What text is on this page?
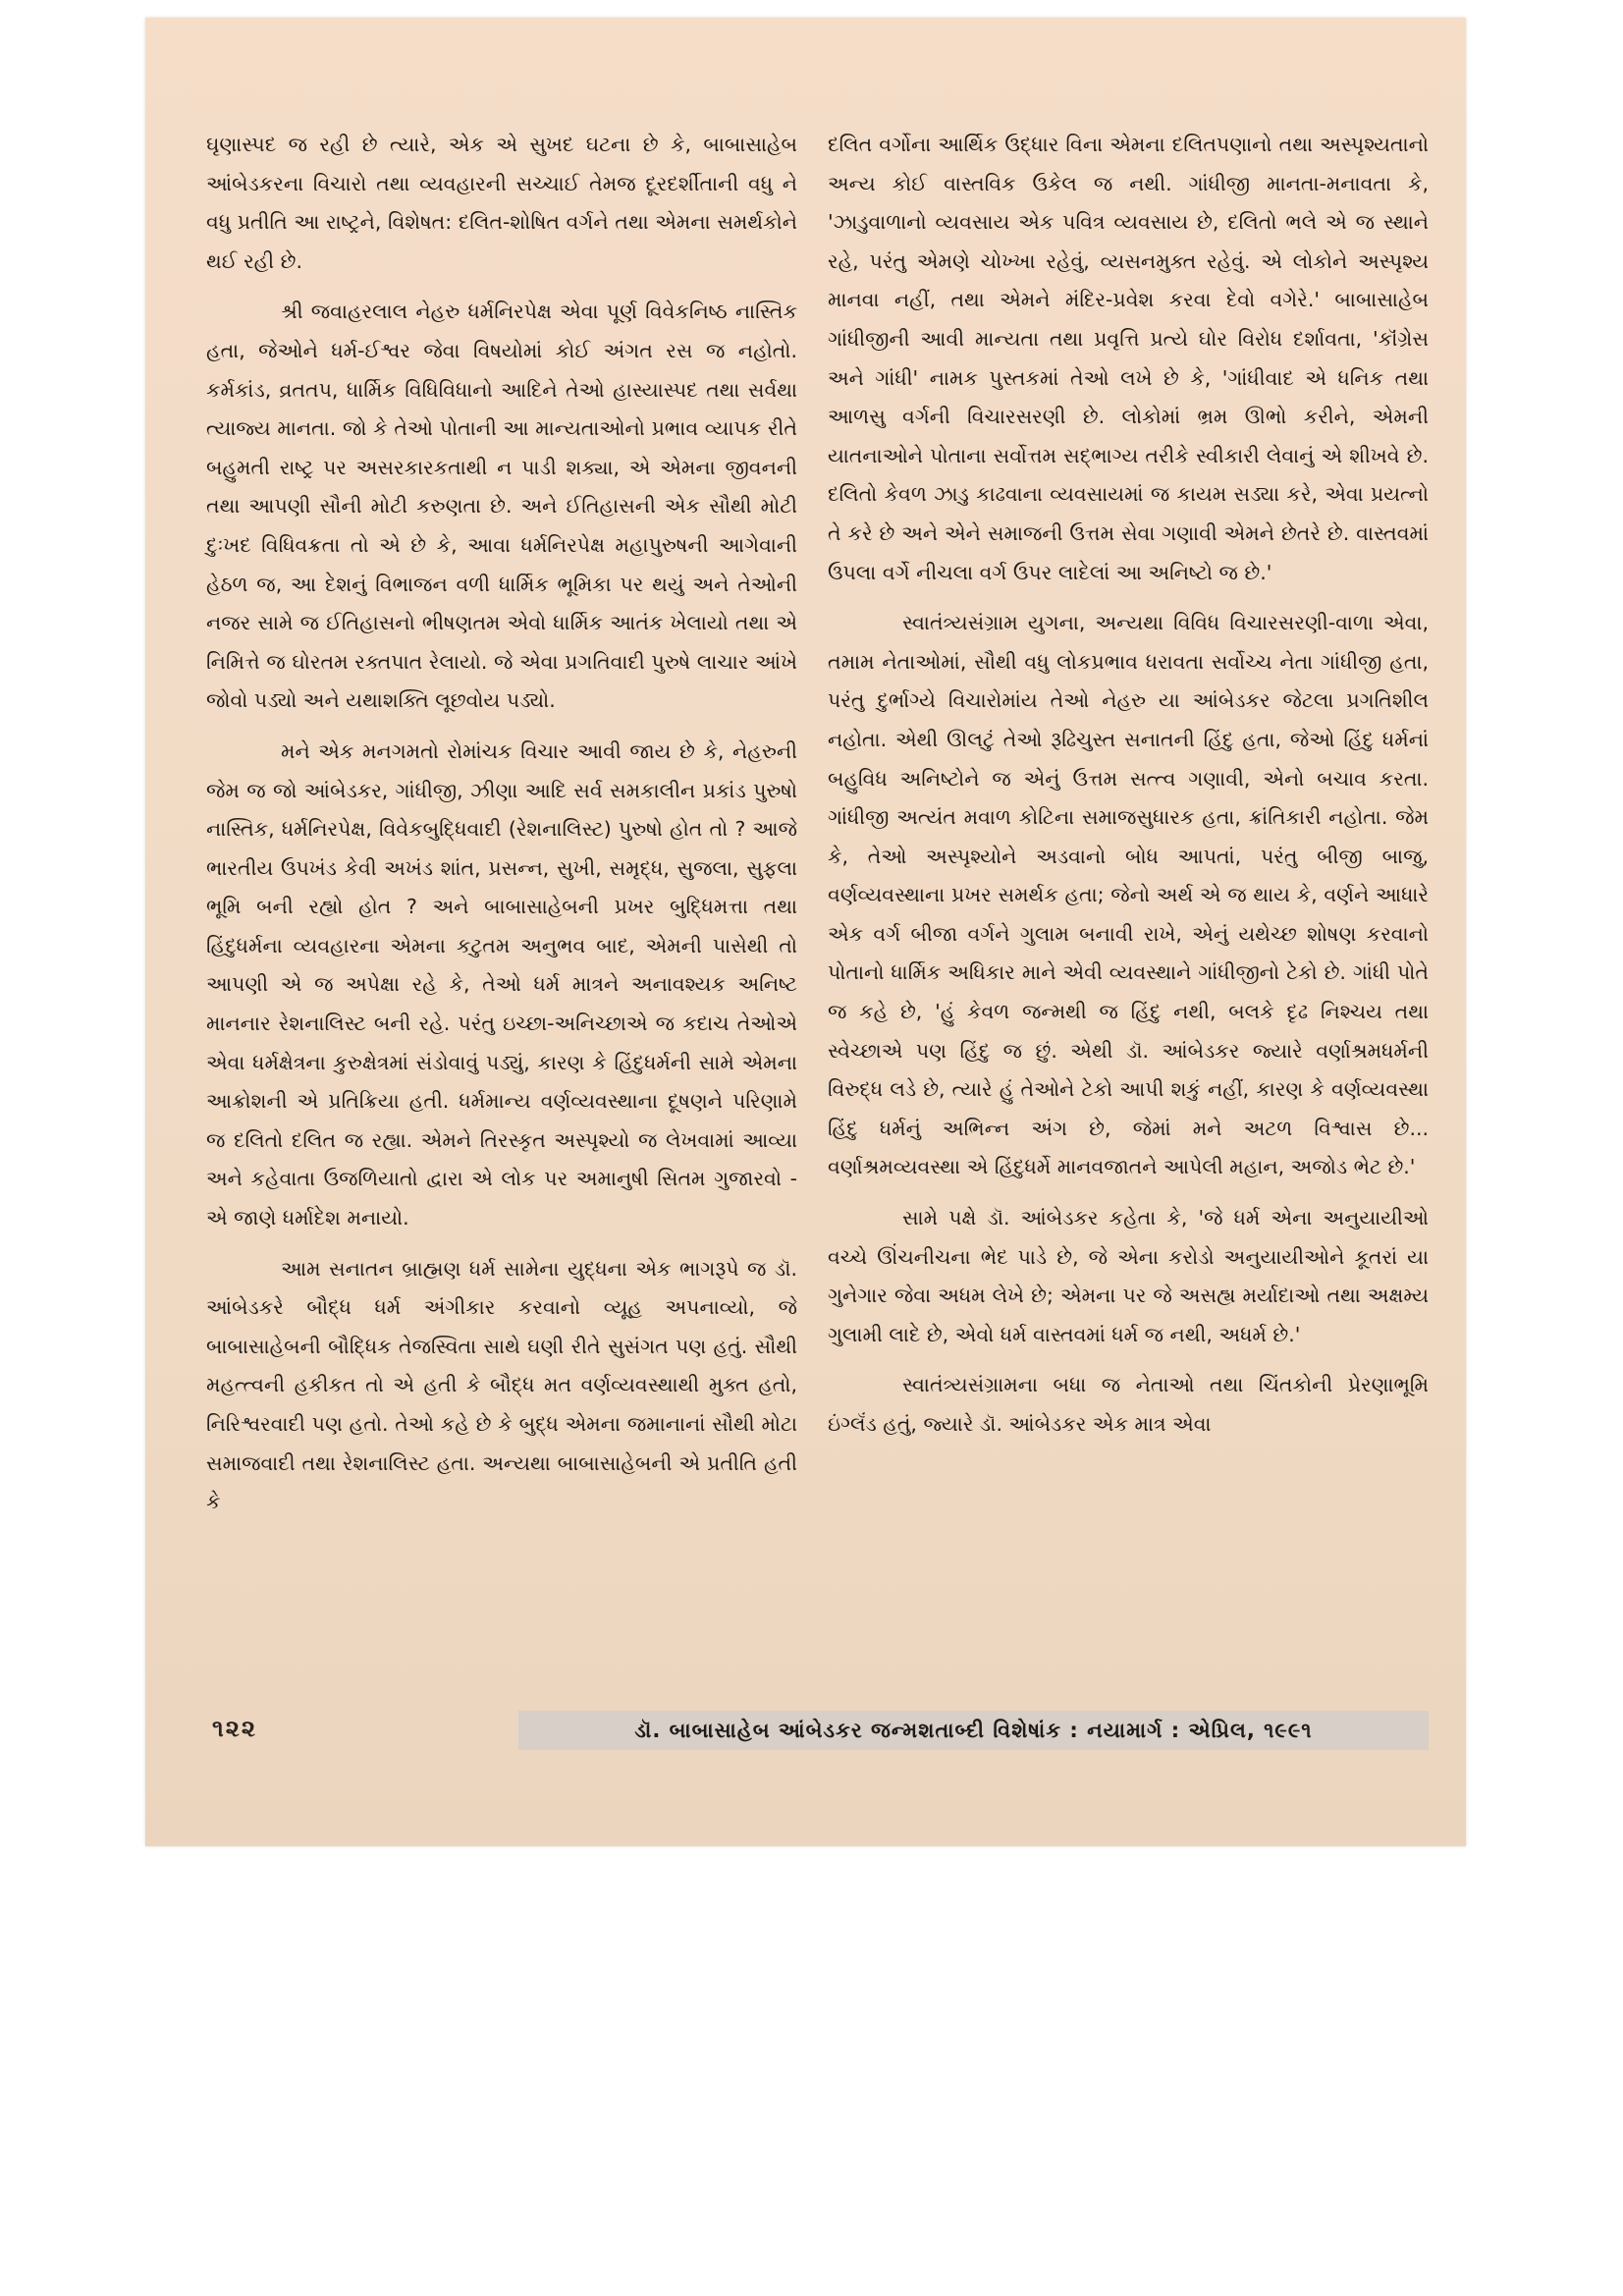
ઘૃણાસ્પદ જ રહી છે ત્યારે, એક એ સુખદ ઘટના છે કે, બાબાસાહેબ આંબેડકરના વિચારો તથા વ્યવહારની સચ્ચાઈ તેમજ દૂરદર્શીતાની વધુ ને વધુ પ્રતીતિ આ રાષ્ટ્રને, વિશેષત: દલિત-શોષિત વર્ગને તથા એમના સમર્થકોને થઈ રહી છે.

શ્રી જવાહરલાલ નેહરુ ધર્મનિરપેક્ષ એવા પૂર્ણ વિવેકનિષ્ઠ નાસ્તિક હતા, જેઓને ધર્મ-ઈશ્વર જેવા વિષયોમાં કોઈ અંગત રસ જ નહોતો. કર્મકાંડ, વ્રતતપ, ધાર્મિક વિધિવિધાનો આદિને તેઓ હાસ્યાસ્પદ તથા સર્વથા ત્યાજ્ય માનતા. જો કે તેઓ પોતાની આ માન્યતાઓનો પ્રભાવ વ્યાપક રીતે બહુમતી રાષ્ટ્ર પર અસરકારકતાથી ન પાડી શક્યા, એ એમના જીવનની તથા આપણી સૌની મોટી કરુણતા છે. અને ઈતિહાસની એક સૌથી મોટી દુઃખદ વિધિવક્રતા તો એ છે કે, આવા ધર્મનિરપેક્ષ મહાપુરુષની આગેવાની હેઠળ જ, આ દેશનું વિભાજન વળી ધાર્મિક ભૂમિકા પર થયું અને તેઓની નજર સામે જ ઈતિહાસનો ભીષણતમ એવો ધાર્મિક આતંક ખેલાયો તથા એ નિમિત્તે જ ઘોરતમ રક્તપાત રેલાયો. જે એવા પ્રગતિવાદી પુરુષે લાચાર આંખે જોવો પડ્યો અને યથાશક્તિ લૂછવોય પડ્યો.

મને એક મનગમતો રોમાંચક વિચાર આવી જાય છે કે, નેહરુની જેમ જ જો આંબેડકર, ગાંધીજી, ઝીણા આદિ સર્વ સમકાલીન પ્રકાંડ પુરુષો નાસ્તિક, ધર્મનિરપેક્ષ, વિવેકબુદ્ધિવાદી (રેશનાલિસ્ટ) પુરુષો હોત તો ? આજે ભારતીય ઉપખંડ કેવી અખંડ શાંત, પ્રસન્ન, સુખી, સમૃદ્ધ, સુજલા, સુફલા ભૂમિ બની રહ્યો હોત ? અને બાબાસાહેબની પ્રખર બુદ્ધિમત્તા તથા હિંદુધર્મના વ્યવહારના એમના કટુતમ અનુભવ બાદ, એમની પાસેથી તો આપણી એ જ અપેક્ષા રહે કે, તેઓ ધર્મ માત્રને અનાવશ્યક અનિષ્ટ માનનાર રેશનાલિસ્ટ બની રહે. પરંતુ ઇચ્છા-અનિચ્છાએ જ કદાચ તેઓએ એવા ધર્મક્ષેત્રના કુરુક્ષેત્રમાં સંડોવાવું પડ્યું, કારણ કે હિંદુધર્મની સામે એમના આક્રોશની એ પ્રતિક્રિયા હતી. ધર્મમાન્ય વર્ણવ્યવસ્થાના દૂષણને પરિણામે જ દલિતો દલિત જ રહ્યા. એમને તિરસ્કૃત અસ્પૃશ્યો જ લેખવામાં આવ્યા અને કહેવાતા ઉજળિયાતો દ્વારા એ લોક પર અમાનુષી સિતમ ગુજારવો - એ જાણે ધર્માદેશ મનાયો.

આમ સનાતન બ્રાહ્મણ ધર્મ સામેના યુદ્ધના એક ભાગરૂપે જ ડૉ. આંબેડકરે બૌદ્ધ ધર્મ અંગીકાર કરવાનો વ્યૂહ અપનાવ્યો, જે બાબાસાહેબની બૌદ્ધિક તેજસ્વિતા સાથે ઘણી રીતે સુસંગત પણ હતું. સૌથી મહત્ત્વની હકીકત તો એ હતી કે બૌદ્ધ મત વર્ણવ્યવસ્થાથી મુક્ત હતો, નિરિશ્વરવાદી પણ હતો. તેઓ કહે છે કે બુદ્ધ એમના જમાનાનાં સૌથી મોટા સમાજવાદી તથા રેશનાલિસ્ટ હતા. અન્યથા બાબાસાહેબની એ પ્રતીતિ હતી કે

દલિત વર્ગોના આર્થિક ઉદ્ધાર વિના એમના દલિતપણાનો તથા અસ્પૃશ્યતાનો અન્ય કોઈ વાસ્તવિક ઉકેલ જ નથી. ગાંધીજી માનતા-મનાવતા કે, 'ઝાડુવાળાનો વ્યવસાય એક પવિત્ર વ્યવસાય છે, દલિતો ભલે એ જ સ્થાને રહે, પરંતુ એમણે ચોખ્ખા રહેવું, વ્યસનમુક્ત રહેવું. એ લોકોને અસ્પૃશ્ય માનવા નહીં, તથા એમને મંદિર-પ્રવેશ કરવા દેવો વગેરે.' બાબાસાહેબ ગાંધીજીની આવી માન્યતા તથા પ્રવૃત્તિ પ્રત્યે ઘોર વિરોધ દર્શાવતા, 'કૉંગ્રેસ અને ગાંધી' નામક પુસ્તકમાં તેઓ લખે છે કે, 'ગાંધીવાદ એ ધનિક તથા આળસુ વર્ગની વિચારસરણી છે. લોકોમાં ભ્રમ ઊભો કરીને, એમની યાતનાઓને પોતાના સર્વોત્તમ સદ્ભાગ્ય તરીકે સ્વીકારી લેવાનું એ શીખવે છે. દલિતો કેવળ ઝાડુ કાઢવાના વ્યવસાયમાં જ કાયમ સડ્યા કરે, એવા પ્રયત્નો તે કરે છે અને એને સમાજની ઉત્તમ સેવા ગણાવી એમને છેતરે છે. વાસ્તવમાં ઉપલા વર્ગે નીચલા વર્ગ ઉપર લાદેલાં આ અનિષ્ટો જ છે.'

સ્વાતંત્ર્યસંગ્રામ યુગના, અન્યથા વિવિધ વિચારસરણી-વાળા એવા, તમામ નેતાઓમાં, સૌથી વધુ લોકપ્રભાવ ધરાવતા સર્વોચ્ચ નેતા ગાંધીજી હતા, પરંતુ દુર્ભાગ્યે વિચારોમાંય તેઓ નેહરુ યા આંબેડકર જેટલા પ્રગતિશીલ નહોતા. એથી ઊલટું તેઓ રૂઢિચુસ્ત સનાતની હિંદુ હતા, જેઓ હિંદુ ધર્મનાં બહુવિધ અનિષ્ટોને જ એનું ઉત્તમ સત્ત્વ ગણાવી, એનો બચાવ કરતા. ગાંધીજી અત્યંત મવાળ કોટિના સમાજસુધારક હતા, ક્રાંતિકારી નહોતા. જેમ કે, તેઓ અસ્પૃશ્યોને અડવાનો બોધ આપતાં, પરંતુ બીજી બાજુ, વર્ણવ્યવસ્થાના પ્રખર સમર્થક હતા; જેનો અર્થ એ જ થાય કે, વર્ણને આધારે એક વર્ગ બીજા વર્ગને ગુલામ બનાવી રાખે, એનું યથેચ્છ શોષણ કરવાનો પોતાનો ધાર્મિક અધિકાર માને એવી વ્યવસ્થાને ગાંધીજીનો ટેકો છે. ગાંધી પોતે જ કહે છે, 'હું કેવળ જન્મથી જ હિંદુ નથી, બલકે દૃઢ નિશ્ચય તથા સ્વેચ્છાએ પણ હિંદુ જ છું. એથી ડૉ. આંબેડકર જ્યારે વર્ણાશ્રમધર્મની વિરુદ્ધ લડે છે, ત્યારે હું તેઓને ટેકો આપી શકું નહીં, કારણ કે વર્ણવ્યવસ્થા હિંદુ ધર્મનું અભિન્ન અંગ છે, જેમાં મને અટળ વિશ્વાસ છે... વર્ણાશ્રમવ્યવસ્થા એ હિંદુધર્મે માનવજાતને આપેલી મહાન, અજોડ ભેટ છે.'

સામે પક્ષે ડૉ. આંબેડકર કહેતા કે, 'જે ધર્મ એના અનુયાયીઓ વચ્ચે ઊંચનીચના ભેદ પાડે છે, જે એના કરોડો અનુયાયીઓને કૂતરાં યા ગુનેગાર જેવા અધમ લેખે છે; એમના પર જે અસહ્ય મર્યાદાઓ તથા અક્ષમ્ય ગુલામી લાદે છે, એવો ધર્મ વાસ્તવમાં ધર્મ જ નથી, અધર્મ છે.'

સ્વાતંત્ર્યસંગ્રામના બધા જ નેતાઓ તથા ચિંતકોની પ્રેરણાભૂમિ ઇંગ્લૅંડ હતું, જ્યારે ડૉ. આંબેડકર એક માત્ર એવા

૧૨૨	ડૉ. બાબાસાહેબ આંબેડકર જન્મશતાબ્દી વિશેષાંક : નયામાર્ગ : એપ્રિલ, ૧૯૯૧
